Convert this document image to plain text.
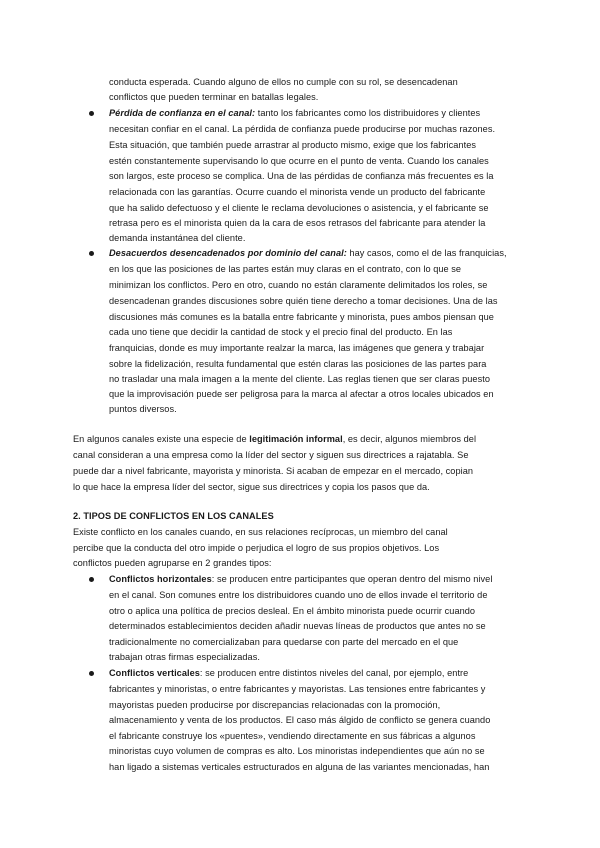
conducta esperada. Cuando alguno de ellos no cumple con su rol, se desencadenan
conflictos que pueden terminar en batallas legales.
Pérdida de confianza en el canal: tanto los fabricantes como los distribuidores y clientes
necesitan confiar en el canal. La pérdida de confianza puede producirse por muchas razones.
Esta situación, que también puede arrastrar al producto mismo, exige que los fabricantes
estén constantemente supervisando lo que ocurre en el punto de venta. Cuando los canales
son largos, este proceso se complica. Una de las pérdidas de confianza más frecuentes es la
relacionada con las garantías. Ocurre cuando el minorista vende un producto del fabricante
que ha salido defectuoso y el cliente le reclama devoluciones o asistencia, y el fabricante se
retrasa pero es el minorista quien da la cara de esos retrasos del fabricante para atender la
demanda instantánea del cliente.
Desacuerdos desencadenados por dominio del canal: hay casos, como el de las franquicias,
en los que las posiciones de las partes están muy claras en el contrato, con lo que se
minimizan los conflictos. Pero en otro, cuando no están claramente delimitados los roles, se
desencadenan grandes discusiones sobre quién tiene derecho a tomar decisiones. Una de las
discusiones más comunes es la batalla entre fabricante y minorista, pues ambos piensan que
cada uno tiene que decidir la cantidad de stock y el precio final del producto. En las
franquicias, donde es muy importante realzar la marca, las imágenes que genera y trabajar
sobre la fidelización, resulta fundamental que estén claras las posiciones de las partes para
no trasladar una mala imagen a la mente del cliente. Las reglas tienen que ser claras puesto
que la improvisación puede ser peligrosa para la marca al afectar a otros locales ubicados en
puntos diversos.
En algunos canales existe una especie de legitimación informal, es decir, algunos miembros del
canal consideran a una empresa como la líder del sector y siguen sus directrices a rajatabla. Se
puede dar a nivel fabricante, mayorista y minorista. Si acaban de empezar en el mercado, copian
lo que hace la empresa líder del sector, sigue sus directrices y copia los pasos que da.
2. TIPOS DE CONFLICTOS EN LOS CANALES
Existe conflicto en los canales cuando, en sus relaciones recíprocas, un miembro del canal
percibe que la conducta del otro impide o perjudica el logro de sus propios objetivos. Los
conflictos pueden agruparse en 2 grandes tipos:
Conflictos horizontales: se producen entre participantes que operan dentro del mismo nivel
en el canal. Son comunes entre los distribuidores cuando uno de ellos invade el territorio de
otro o aplica una política de precios desleal. En el ámbito minorista puede ocurrir cuando
determinados establecimientos deciden añadir nuevas líneas de productos que antes no se
tradicionalmente no comercializaban para quedarse con parte del mercado en el que
trabajan otras firmas especializadas.
Conflictos verticales: se producen entre distintos niveles del canal, por ejemplo, entre
fabricantes y minoristas, o entre fabricantes y mayoristas. Las tensiones entre fabricantes y
mayoristas pueden producirse por discrepancias relacionadas con la promoción,
almacenamiento y venta de los productos. El caso más álgido de conflicto se genera cuando
el fabricante construye los «puentes», vendiendo directamente en sus fábricas a algunos
minoristas cuyo volumen de compras es alto. Los minoristas independientes que aún no se
han ligado a sistemas verticales estructurados en alguna de las variantes mencionadas, han
